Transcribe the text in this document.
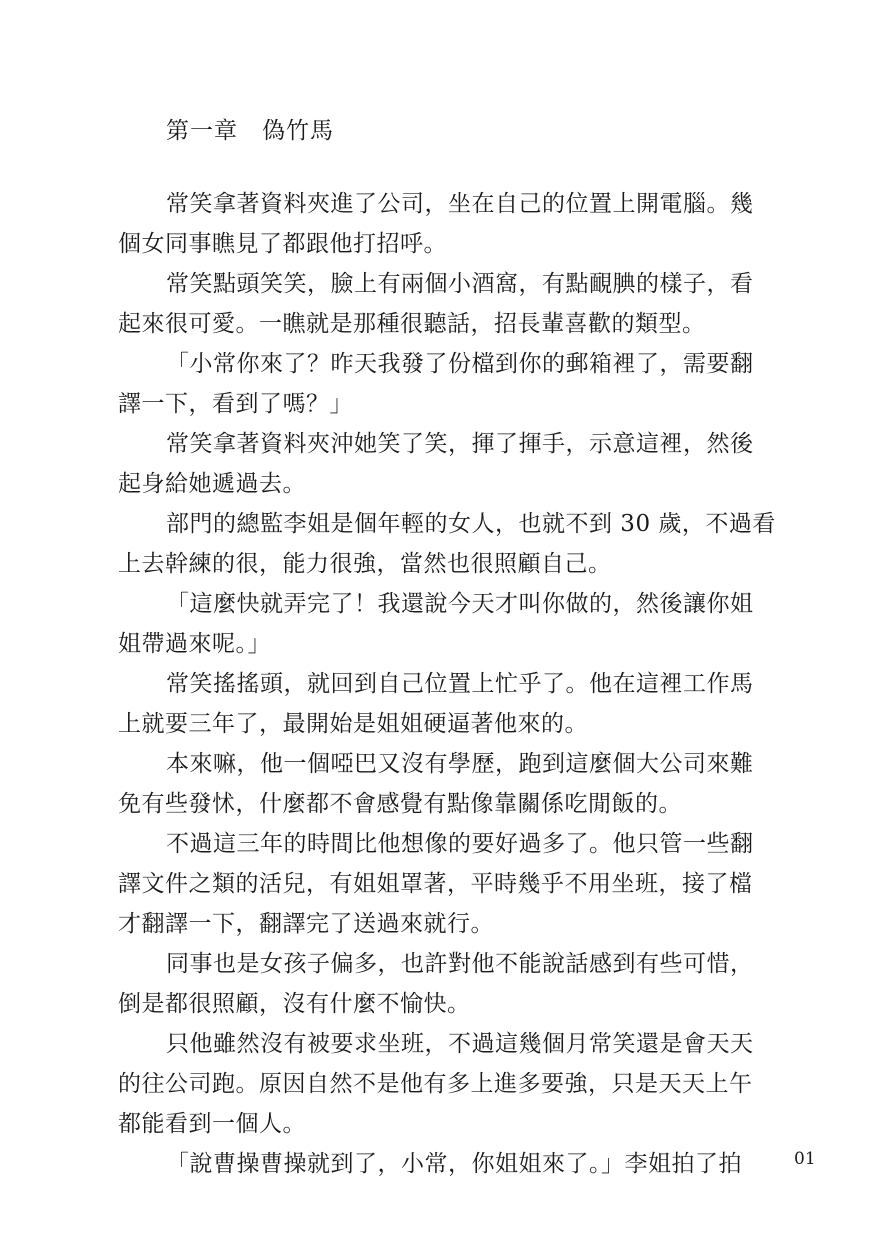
第一章　偽竹馬
常笑拿著資料夾進了公司，坐在自己的位置上開電腦。幾
個女同事瞧見了都跟他打招呼。
常笑點頭笑笑，臉上有兩個小酒窩，有點靦腆的樣子，看
起來很可愛。一瞧就是那種很聽話，招長輩喜歡的類型。
「小常你來了？昨天我發了份檔到你的郵箱裡了，需要翻
譯一下，看到了嗎？」
常笑拿著資料夾沖她笑了笑，揮了揮手，示意這裡，然後
起身給她遞過去。
部門的總監李姐是個年輕的女人，也就不到 30 歲，不過看
上去幹練的很，能力很強，當然也很照顧自己。
「這麼快就弄完了！我還說今天才叫你做的，然後讓你姐
姐帶過來呢。」
常笑搖搖頭，就回到自己位置上忙乎了。他在這裡工作馬
上就要三年了，最開始是姐姐硬逼著他來的。
本來嘛，他一個啞巴又沒有學歷，跑到這麼個大公司來難
免有些發怵，什麼都不會感覺有點像靠關係吃閒飯的。
不過這三年的時間比他想像的要好過多了。他只管一些翻
譯文件之類的活兒，有姐姐罩著，平時幾乎不用坐班，接了檔
才翻譯一下，翻譯完了送過來就行。
同事也是女孩子偏多，也許對他不能說話感到有些可惜，
倒是都很照顧，沒有什麼不愉快。
只他雖然沒有被要求坐班，不過這幾個月常笑還是會天天
的往公司跑。原因自然不是他有多上進多要強，只是天天上午
都能看到一個人。
「說曹操曹操就到了，小常，你姐姐來了。」李姐拍了拍	01
